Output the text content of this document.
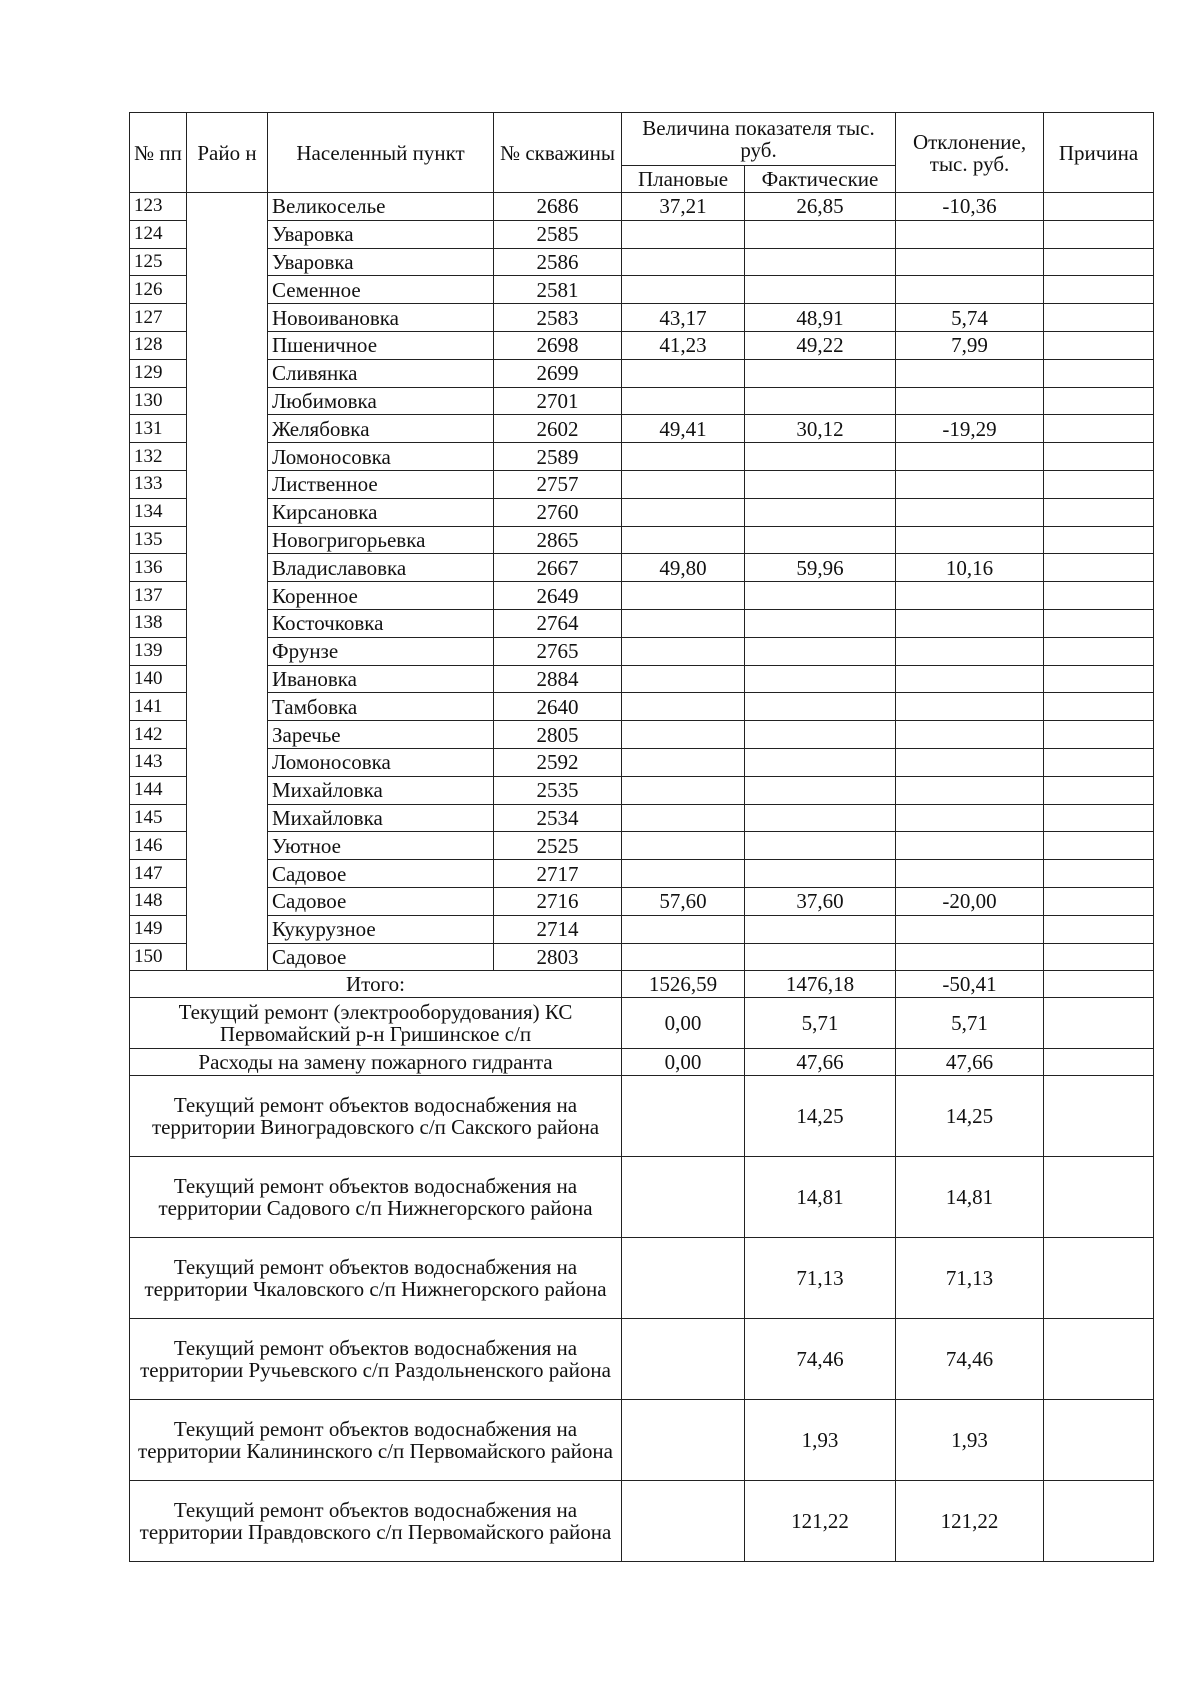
№ пп	Райо н	Населенный пункт	№ скважины	Величина показателя тыс. руб.		Отклонение, тыс. руб.	Причина
				Плановые	Фактические		
123		Великоселье	2686	37,21	26,85	-10,36	
124		Уваровка	2585				
125		Уваровка	2586				
126		Семенное	2581				
127		Новоивановка	2583	43,17	48,91	5,74	
128		Пшеничное	2698	41,23	49,22	7,99	
129		Сливянка	2699				
130		Любимовка	2701				
131		Желябовка	2602	49,41	30,12	-19,29	
132		Ломоносовка	2589				
133		Лиственное	2757				
134		Кирсановка	2760				
135		Новогригорьевка	2865				
136		Владиславовка	2667	49,80	59,96	10,16	
137		Коренное	2649				
138		Косточковка	2764				
139		Фрунзе	2765				
140		Ивановка	2884				
141		Тамбовка	2640				
142		Заречье	2805				
143		Ломоносовка	2592				
144		Михайловка	2535				
145		Михайловка	2534				
146		Уютное	2525				
147		Садовое	2717				
148		Садовое	2716	57,60	37,60	-20,00	
149		Кукурузное	2714				
150		Садовое	2803				
Итого:				1526,59	1476,18	-50,41	
Текущий ремонт (электрооборудования) КС Первомайский р-н Гришинское с/п				0,00	5,71	5,71	
Расходы на замену пожарного гидранта				0,00	47,66	47,66	
Текущий ремонт объектов водоснабжения на территории Виноградовского с/п Сакского района					14,25	14,25	
Текущий ремонт объектов водоснабжения на территории Садового с/п Нижнегорского района					14,81	14,81	
Текущий ремонт объектов водоснабжения на территории Чкаловского с/п Нижнегорского района					71,13	71,13	
Текущий ремонт объектов водоснабжения на территории Ручьевского с/п Раздольненского района					74,46	74,46	
Текущий ремонт объектов водоснабжения на территории Калининского с/п Первомайского района					1,93	1,93	
Текущий ремонт объектов водоснабжения на территории Правдовского с/п Первомайского района					121,22	121,22	
